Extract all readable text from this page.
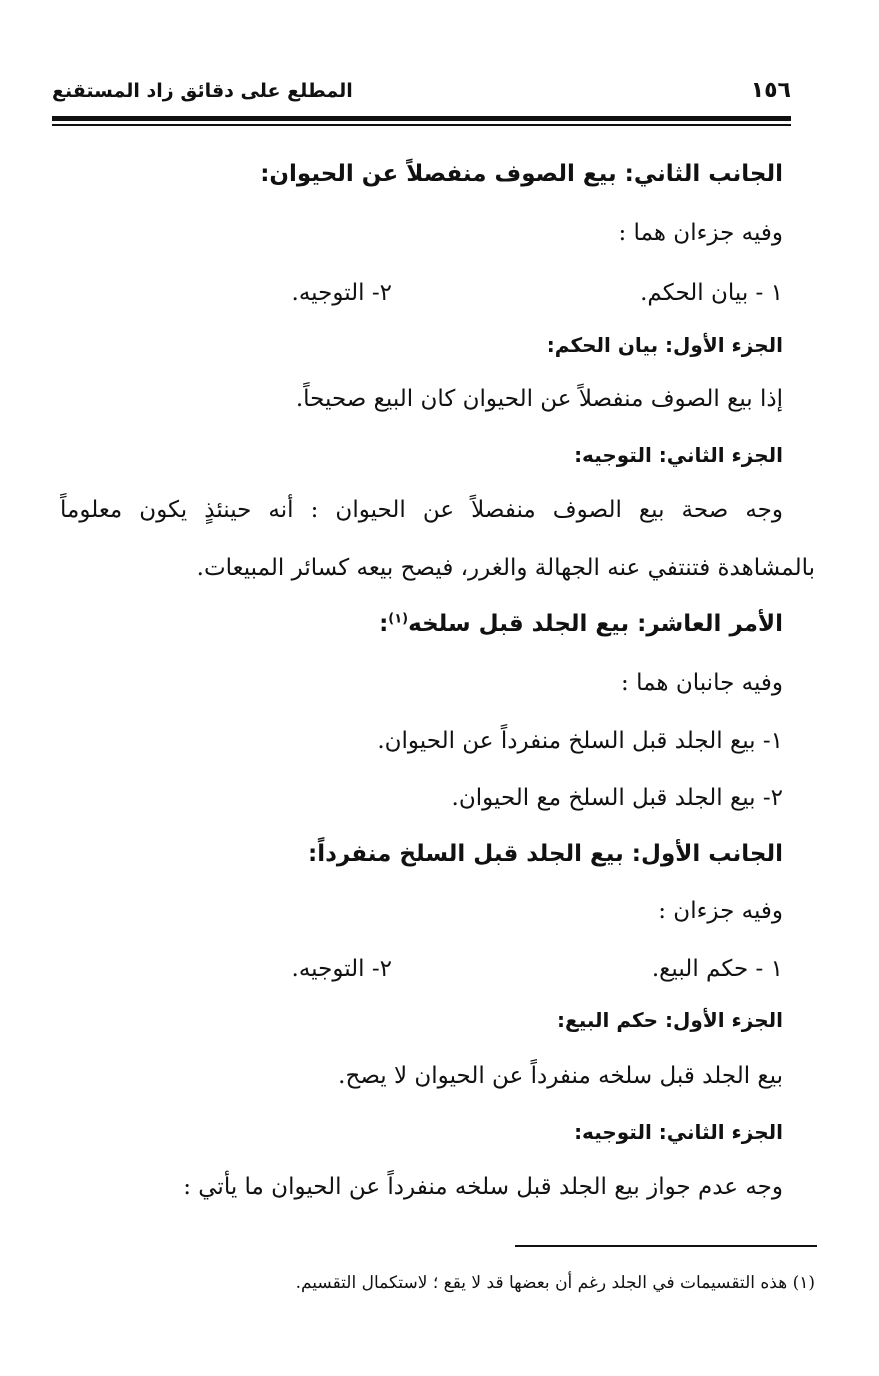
١٥٦
المطلع على دقائق زاد المستقنع
الجانب الثاني: بيع الصوف منفصلاً عن الحيوان:
وفيه جزءان هما :
١ - بيان الحكم.
٢- التوجيه.
الجزء الأول: بيان الحكم:
إذا بيع الصوف منفصلاً عن الحيوان كان البيع صحيحاً.
الجزء الثاني: التوجيه:
وجه صحة بيع الصوف منفصلاً عن الحيوان : أنه حينئذٍ يكون معلوماً
بالمشاهدة فتنتفي عنه الجهالة والغرر، فيصح بيعه كسائر المبيعات.
الأمر العاشر: بيع الجلد قبل سلخه$^{(١)}$:
وفيه جانبان هما :
١- بيع الجلد قبل السلخ منفرداً عن الحيوان.
٢- بيع الجلد قبل السلخ مع الحيوان.
الجانب الأول: بيع الجلد قبل السلخ منفرداً:
وفيه جزءان :
١ - حكم البيع.
٢- التوجيه.
الجزء الأول: حكم البيع:
بيع الجلد قبل سلخه منفرداً عن الحيوان لا يصح.
الجزء الثاني: التوجيه:
وجه عدم جواز بيع الجلد قبل سلخه منفرداً عن الحيوان ما يأتي :
(١) هذه التقسيمات في الجلد رغم أن بعضها قد لا يقع ؛ لاستكمال التقسيم.
